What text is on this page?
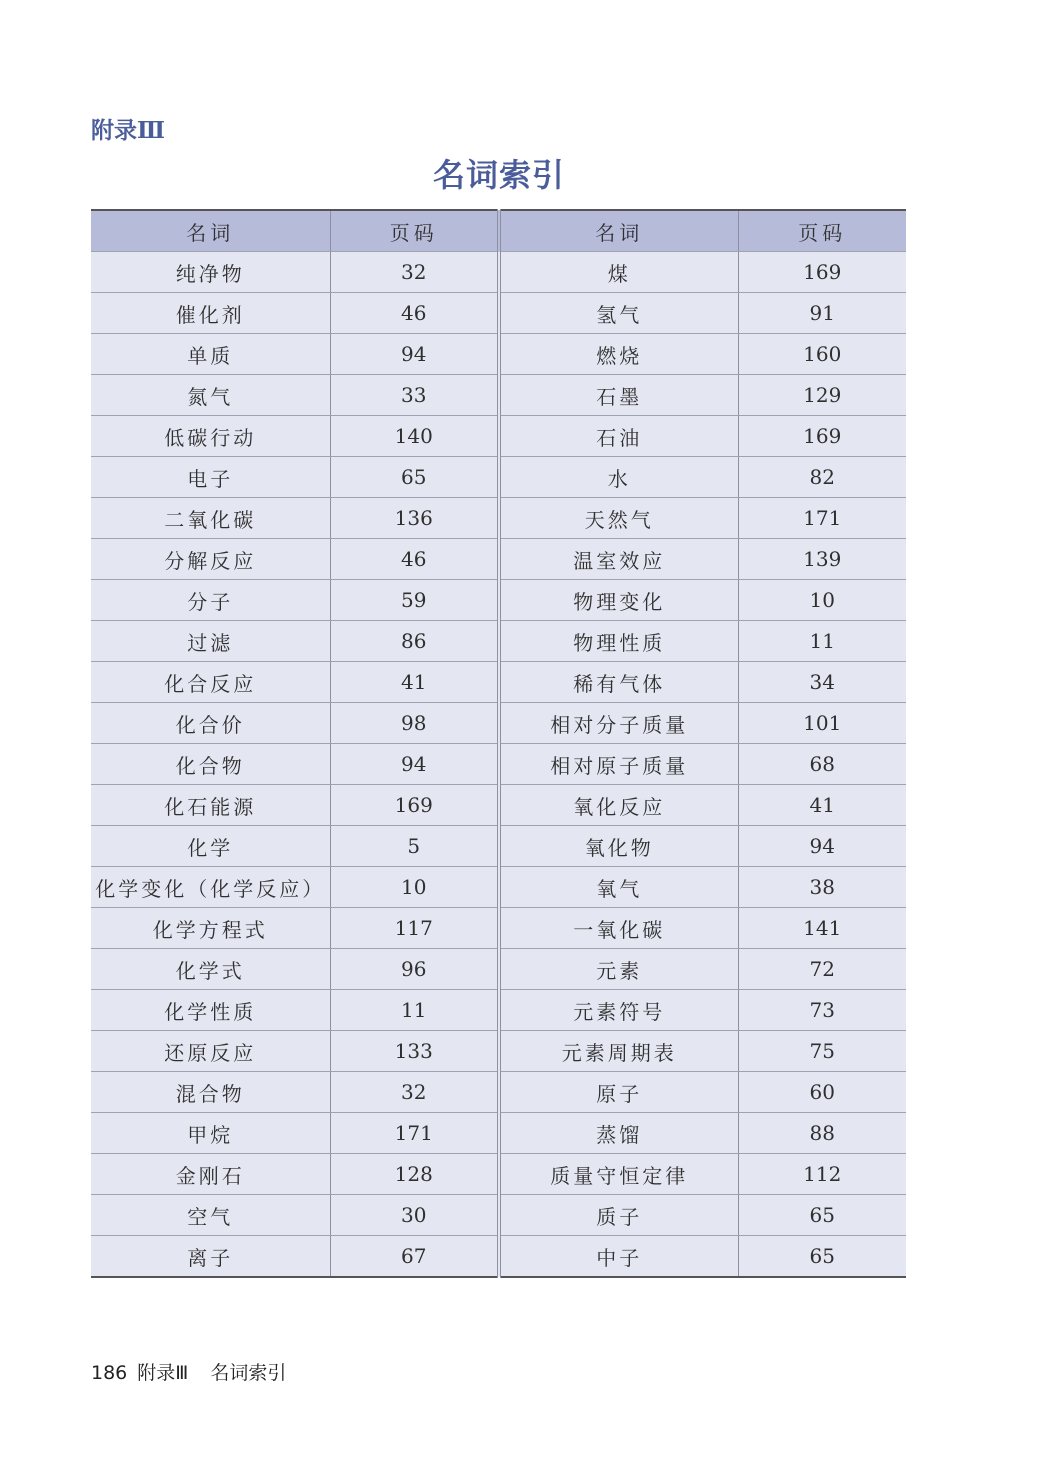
附录Ⅲ
名词索引
名词	页码	名词	页码
纯净物	32	煤	169
催化剂	46	氢气	91
单质	94	燃烧	160
氮气	33	石墨	129
低碳行动	140	石油	169
电子	65	水	82
二氧化碳	136	天然气	171
分解反应	46	温室效应	139
分子	59	物理变化	10
过滤	86	物理性质	11
化合反应	41	稀有气体	34
化合价	98	相对分子质量	101
化合物	94	相对原子质量	68
化石能源	169	氧化反应	41
化学	5	氧化物	94
化学变化（化学反应）	10	氧气	38
化学方程式	117	一氧化碳	141
化学式	96	元素	72
化学性质	11	元素符号	73
还原反应	133	元素周期表	75
混合物	32	原子	60
甲烷	171	蒸馏	88
金刚石	128	质量守恒定律	112
空气	30	质子	65
离子	67	中子	65
186 附录Ⅲ 名词索引
